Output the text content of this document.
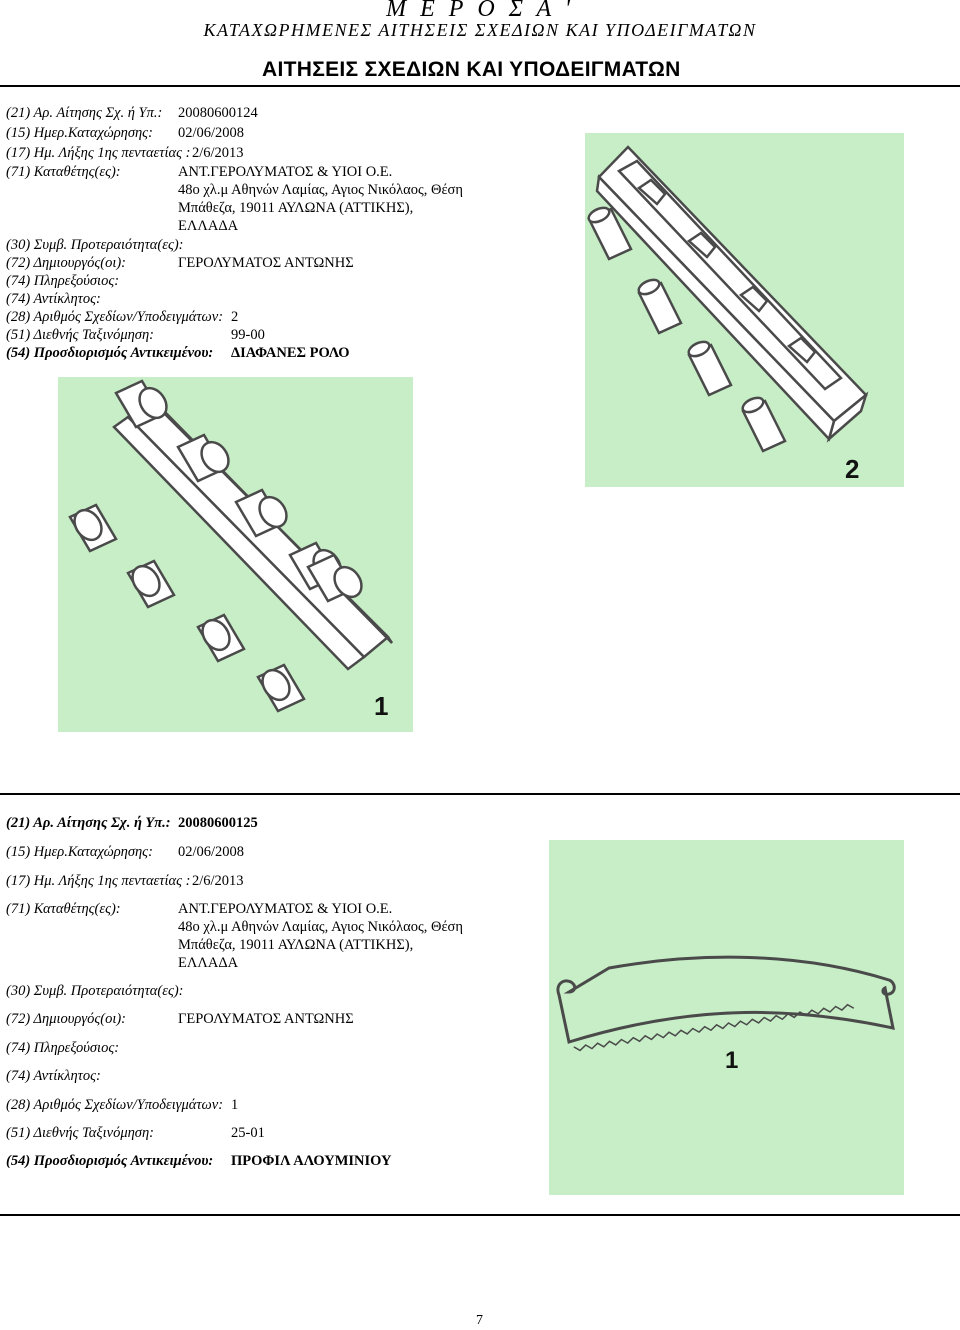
Μ Ε Ρ Ο Σ Α '
ΚΑΤΑΧΩΡΗΜΕΝΕΣ ΑΙΤΗΣΕΙΣ ΣΧΕΔΙΩΝ ΚΑΙ ΥΠΟΔΕΙΓΜΑΤΩΝ
ΑΙΤΗΣΕΙΣ ΣΧΕΔΙΩΝ ΚΑΙ ΥΠΟΔΕΙΓΜΑΤΩΝ
(21) Αρ. Αίτησης Σχ. ή Υπ.: 20080600124
(15) Ημερ.Καταχώρησης: 02/06/2008
(17) Ημ. Λήξης 1ης πενταετίας : 2/6/2013
(71) Καταθέτης(ες):	ΑΝΤ.ΓΕΡΟΛΥΜΑΤΟΣ & ΥΙΟΙ Ο.Ε.
48ο χλ.μ Αθηνών Λαμίας, Αγιος Νικόλαος, Θέση
Μπάθεζα, 19011 ΑΥΛΩΝΑ (ΑΤΤΙΚΗΣ),
ΕΛΛΑΔΑ
(30) Συμβ. Προτεραιότητα(ες):
(72) Δημιουργός(οι):	ΓΕΡΟΛΥΜΑΤΟΣ ΑΝΤΩΝΗΣ
(74) Πληρεξούσιος:
(74) Αντίκλητος:
(28) Αριθμός Σχεδίων/Υποδειγμάτων: 2
(51) Διεθνής Ταξινόμηση:	99-00
(54) Προσδιορισμός Αντικειμένου: ΔΙΑΦΑΝΕΣ ΡΟΛΟ
2
1
(21) Αρ. Αίτησης Σχ. ή Υπ.: 20080600125
(15) Ημερ.Καταχώρησης: 02/06/2008
(17) Ημ. Λήξης 1ης πενταετίας : 2/6/2013
(71) Καταθέτης(ες):	ΑΝΤ.ΓΕΡΟΛΥΜΑΤΟΣ & ΥΙΟΙ Ο.Ε.
48ο χλ.μ Αθηνών Λαμίας, Αγιος Νικόλαος, Θέση
Μπάθεζα, 19011 ΑΥΛΩΝΑ (ΑΤΤΙΚΗΣ),
ΕΛΛΑΔΑ
(30) Συμβ. Προτεραιότητα(ες):
(72) Δημιουργός(οι):	ΓΕΡΟΛΥΜΑΤΟΣ ΑΝΤΩΝΗΣ
(74) Πληρεξούσιος:
(74) Αντίκλητος:
(28) Αριθμός Σχεδίων/Υποδειγμάτων: 1
(51) Διεθνής Ταξινόμηση:	25-01
(54) Προσδιορισμός Αντικειμένου: ΠΡΟΦΙΛ ΑΛΟΥΜΙΝΙΟΥ
1
7
